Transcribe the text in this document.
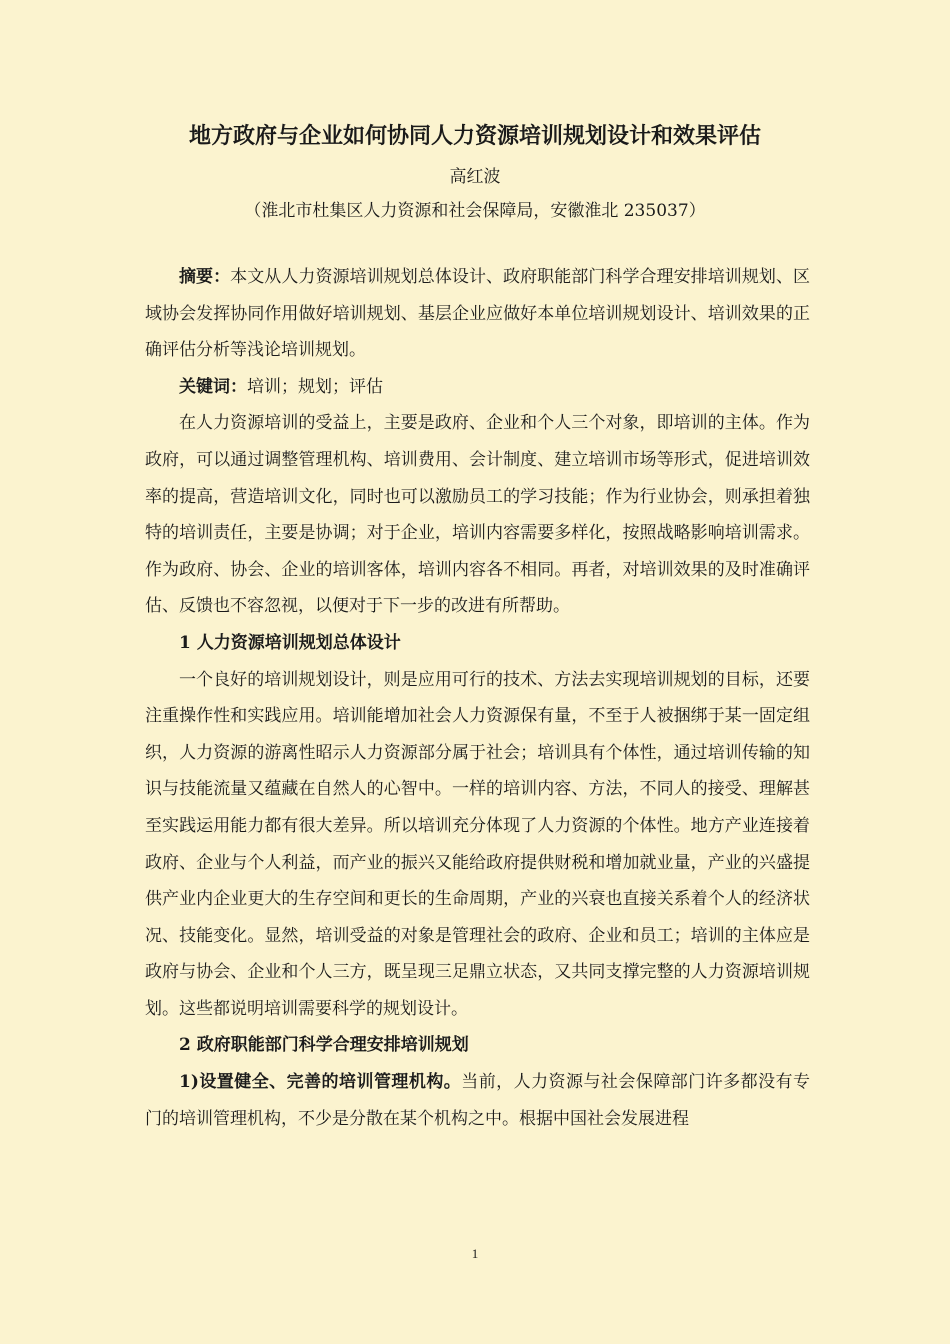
地方政府与企业如何协同人力资源培训规划设计和效果评估
高红波
（淮北市杜集区人力资源和社会保障局，安徽淮北 235037）

摘要：本文从人力资源培训规划总体设计、政府职能部门科学合理安排培训规划、区域协会发挥协同作用做好培训规划、基层企业应做好本单位培训规划设计、培训效果的正确评估分析等浅论培训规划。

关键词：培训；规划；评估

在人力资源培训的受益上，主要是政府、企业和个人三个对象，即培训的主体。作为政府，可以通过调整管理机构、培训费用、会计制度、建立培训市场等形式，促进培训效率的提高，营造培训文化，同时也可以激励员工的学习技能；作为行业协会，则承担着独特的培训责任，主要是协调；对于企业，培训内容需要多样化，按照战略影响培训需求。作为政府、协会、企业的培训客体，培训内容各不相同。再者，对培训效果的及时准确评估、反馈也不容忽视，以便对于下一步的改进有所帮助。

1 人力资源培训规划总体设计

一个良好的培训规划设计，则是应用可行的技术、方法去实现培训规划的目标，还要注重操作性和实践应用。培训能增加社会人力资源保有量，不至于人被捆绑于某一固定组织，人力资源的游离性昭示人力资源部分属于社会；培训具有个体性，通过培训传输的知识与技能流量又蕴藏在自然人的心智中。一样的培训内容、方法，不同人的接受、理解甚至实践运用能力都有很大差异。所以培训充分体现了人力资源的个体性。地方产业连接着政府、企业与个人利益，而产业的振兴又能给政府提供财税和增加就业量，产业的兴盛提供产业内企业更大的生存空间和更长的生命周期，产业的兴衰也直接关系着个人的经济状况、技能变化。显然，培训受益的对象是管理社会的政府、企业和员工；培训的主体应是政府与协会、企业和个人三方，既呈现三足鼎立状态，又共同支撑完整的人力资源培训规划。这些都说明培训需要科学的规划设计。

2 政府职能部门科学合理安排培训规划

1)设置健全、完善的培训管理机构。当前，人力资源与社会保障部门许多都没有专门的培训管理机构，不少是分散在某个机构之中。根据中国社会发展进程

1
